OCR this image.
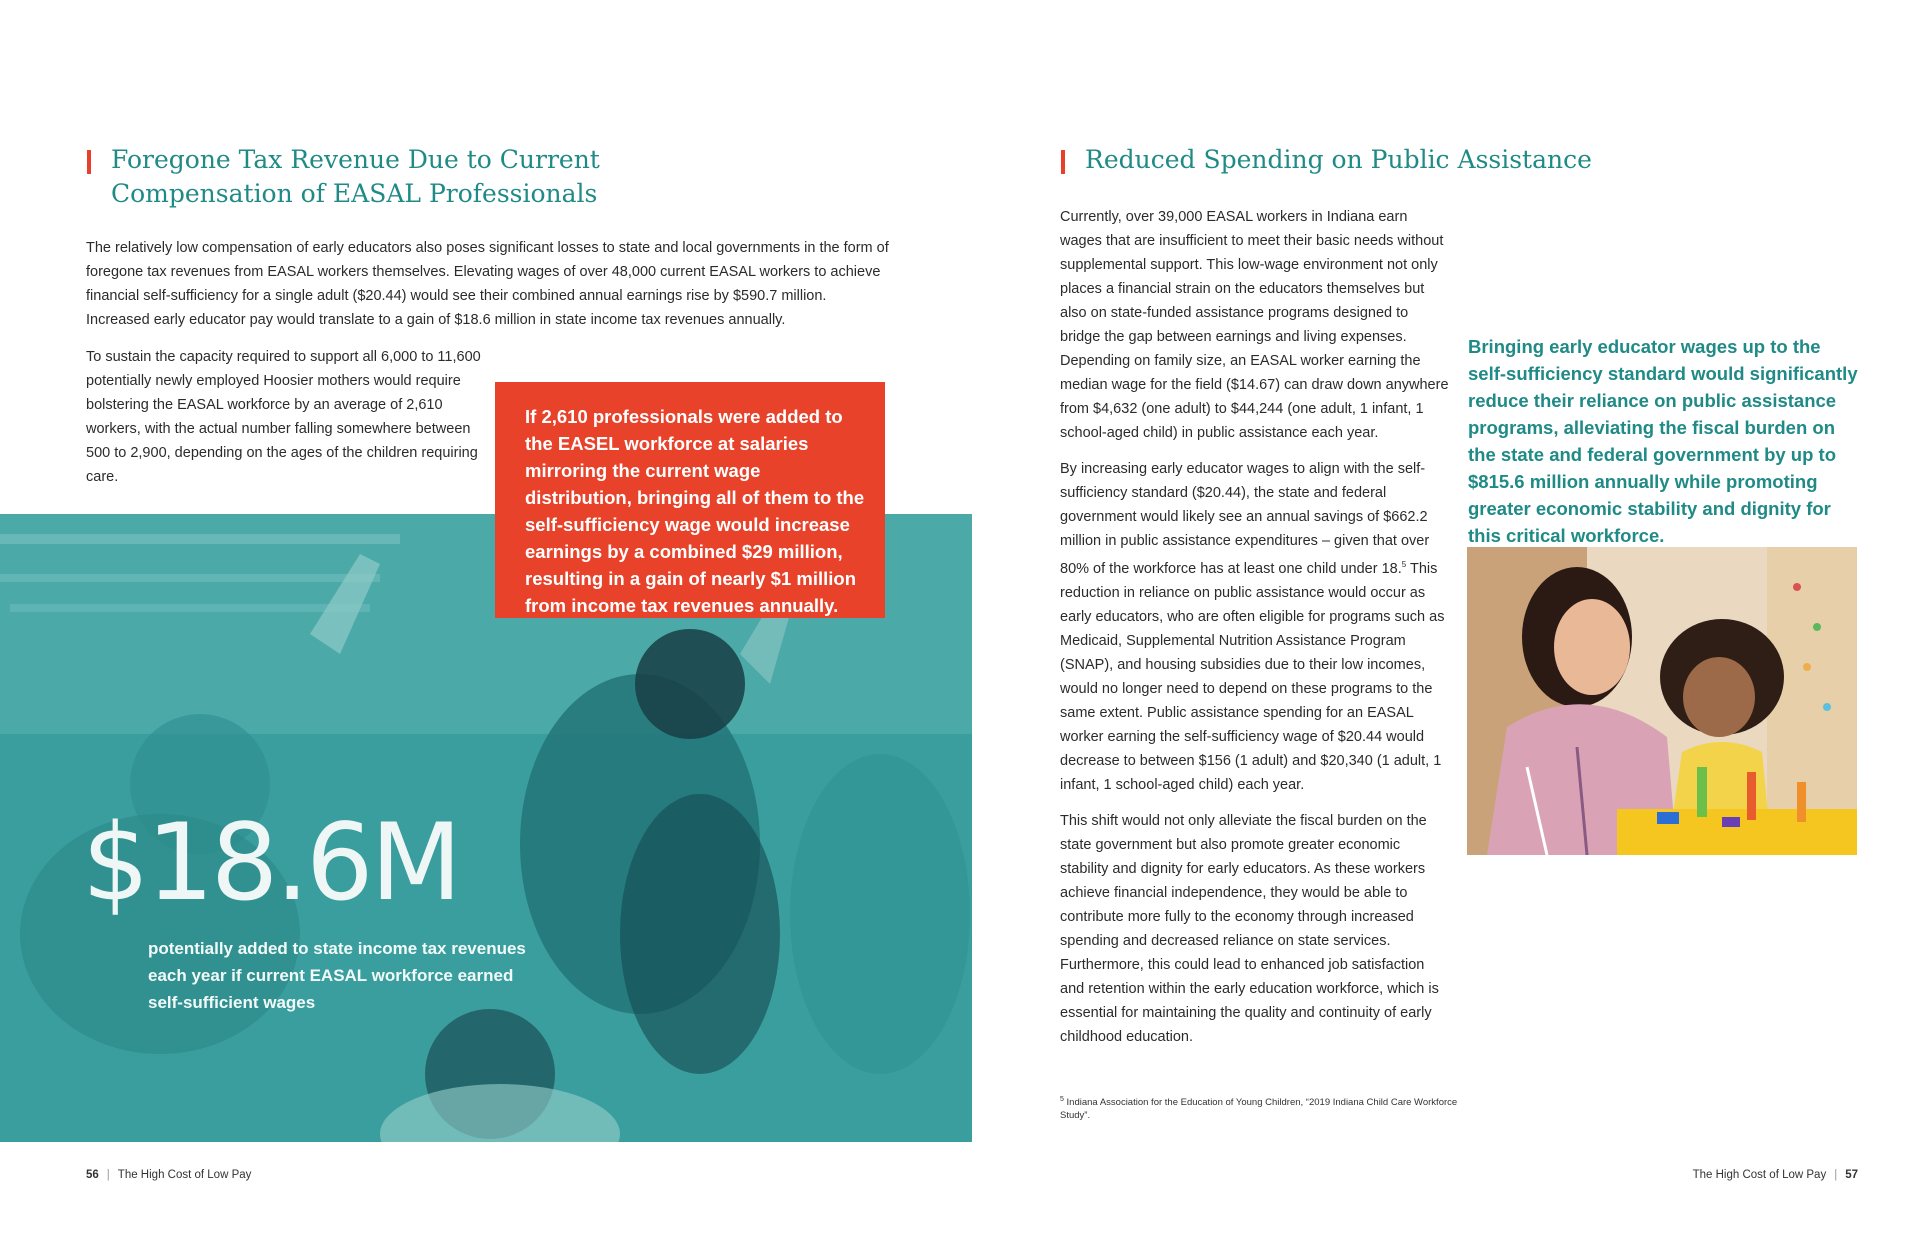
Foregone Tax Revenue Due to Current
Compensation of EASAL Professionals

The relatively low compensation of early educators also poses significant losses to state and local governments in the form of foregone tax revenues from EASAL workers themselves. Elevating wages of over 48,000 current EASAL workers to achieve financial self-sufficiency for a single adult ($20.44) would see their combined annual earnings rise by $590.7 million. Increased early educator pay would translate to a gain of $18.6 million in state income tax revenues annually.

To sustain the capacity required to support all 6,000 to 11,600 potentially newly employed Hoosier mothers would require bolstering the EASAL workforce by an average of 2,610 workers, with the actual number falling somewhere between 500 to 2,900, depending on the ages of the children requiring care.

If 2,610 professionals were added to the EASEL workforce at salaries mirroring the current wage distribution, bringing all of them to the self-sufficiency wage would increase earnings by a combined $29 million, resulting in a gain of nearly $1 million from income tax revenues annually.
$18.6M
potentially added to state income tax revenues each year if current EASAL workforce earned self-sufficient wages
56 | The High Cost of Low Pay
Reduced Spending on Public Assistance

Currently, over 39,000 EASAL workers in Indiana earn wages that are insufficient to meet their basic needs without supplemental support. This low-wage environment not only places a financial strain on the educators themselves but also on state-funded assistance programs designed to bridge the gap between earnings and living expenses. Depending on family size, an EASAL worker earning the median wage for the field ($14.67) can draw down anywhere from $4,632 (one adult) to $44,244 (one adult, 1 infant, 1 school-aged child) in public assistance each year.

By increasing early educator wages to align with the self-sufficiency standard ($20.44), the state and federal government would likely see an annual savings of $662.2 million in public assistance expenditures – given that over 80% of the workforce has at least one child under 18.$^5$ This reduction in reliance on public assistance would occur as early educators, who are often eligible for programs such as Medicaid, Supplemental Nutrition Assistance Program (SNAP), and housing subsidies due to their low incomes, would no longer need to depend on these programs to the same extent. Public assistance spending for an EASAL worker earning the self-sufficiency wage of $20.44 would decrease to between $156 (1 adult) and $20,340 (1 adult, 1 infant, 1 school-aged child) each year.

This shift would not only alleviate the fiscal burden on the state government but also promote greater economic stability and dignity for early educators. As these workers achieve financial independence, they would be able to contribute more fully to the economy through increased spending and decreased reliance on state services. Furthermore, this could lead to enhanced job satisfaction and retention within the early education workforce, which is essential for maintaining the quality and continuity of early childhood education.

$^5$ Indiana Association for the Education of Young Children, “2019 Indiana Child Care Workforce Study”.
Bringing early educator wages up to the self-sufficiency standard would significantly reduce their reliance on public assistance programs, alleviating the fiscal burden on the state and federal government by up to $815.6 million annually while promoting greater economic stability and dignity for this critical workforce.
The High Cost of Low Pay | 57
